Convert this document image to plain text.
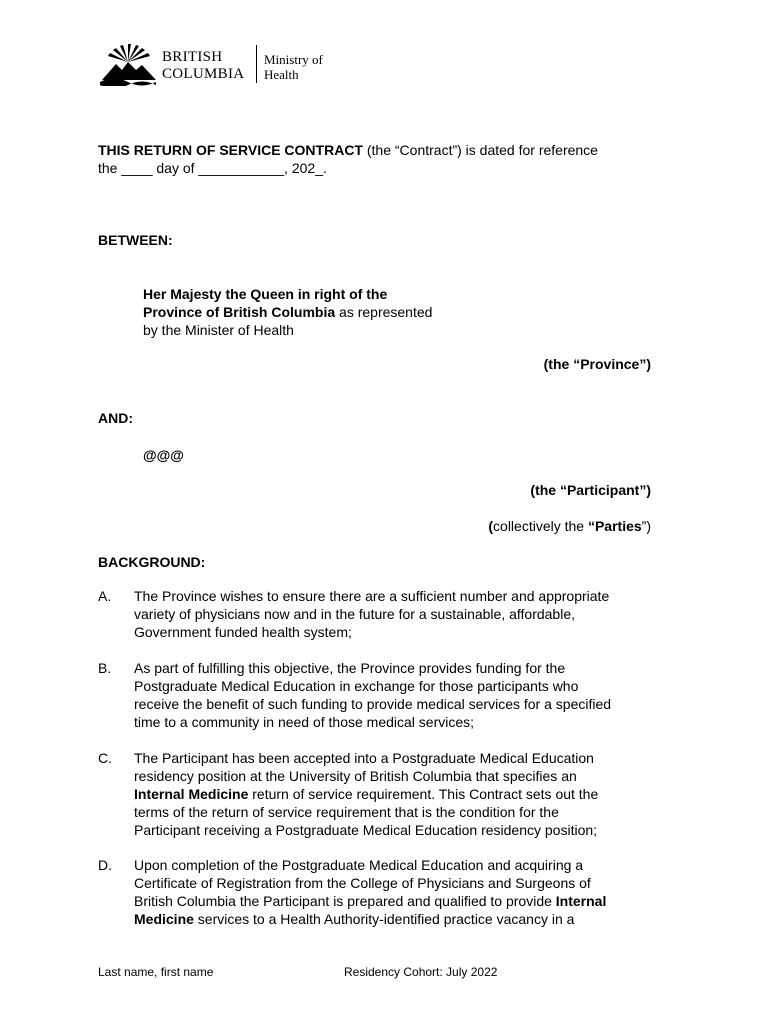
BRITISH
COLUMBIA
Ministry of
Health
THIS RETURN OF SERVICE CONTRACT (the “Contract”) is dated for reference
the ____ day of ___________, 202_.
BETWEEN:
Her Majesty the Queen in right of the
Province of British Columbia as represented
by the Minister of Health
(the “Province”)
AND:
@@@
(the “Participant”)
(collectively the “Parties”)
BACKGROUND:
A. The Province wishes to ensure there are a sufficient number and appropriate
variety of physicians now and in the future for a sustainable, affordable,
Government funded health system;
B. As part of fulfilling this objective, the Province provides funding for the
Postgraduate Medical Education in exchange for those participants who
receive the benefit of such funding to provide medical services for a specified
time to a community in need of those medical services;
C. The Participant has been accepted into a Postgraduate Medical Education
residency position at the University of British Columbia that specifies an
Internal Medicine return of service requirement. This Contract sets out the
terms of the return of service requirement that is the condition for the
Participant receiving a Postgraduate Medical Education residency position;
D. Upon completion of the Postgraduate Medical Education and acquiring a
Certificate of Registration from the College of Physicians and Surgeons of
British Columbia the Participant is prepared and qualified to provide Internal
Medicine services to a Health Authority-identified practice vacancy in a
Last name, first name	Residency Cohort: July 2022
